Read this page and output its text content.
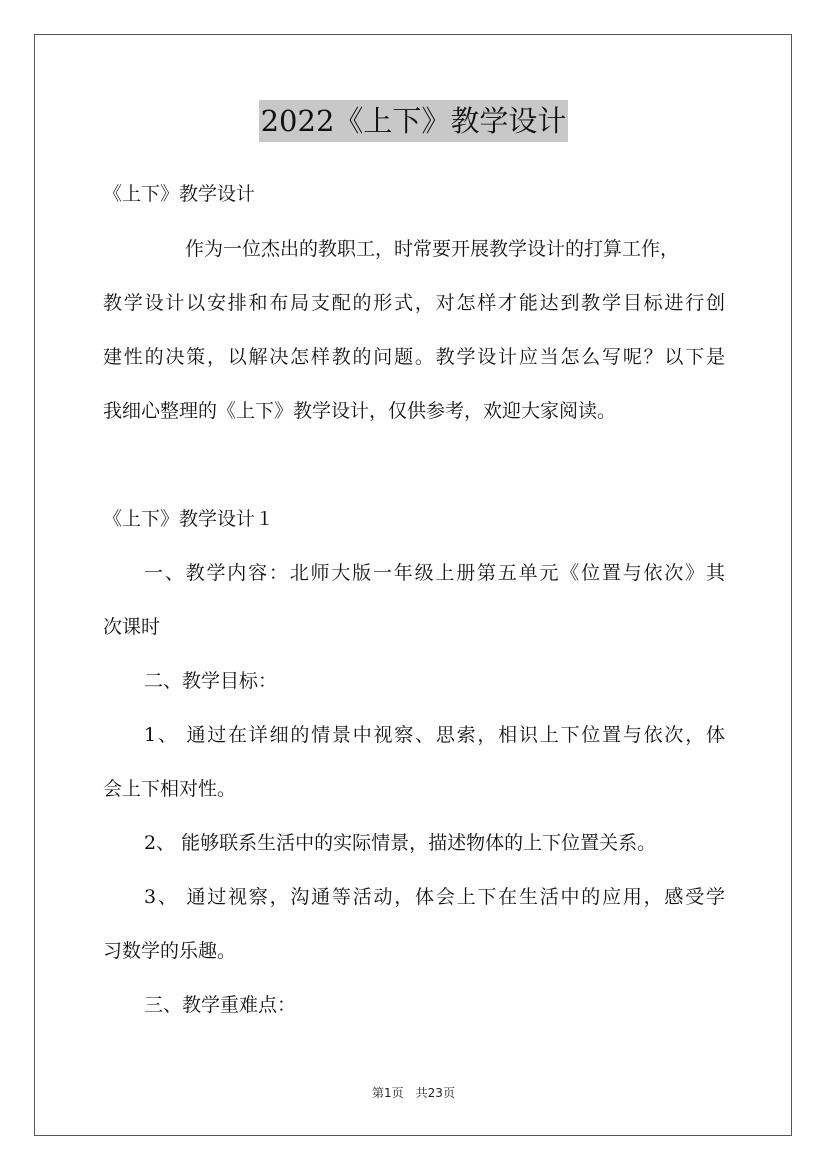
2022《上下》教学设计

《上下》教学设计

作为一位杰出的教职工，时常要开展教学设计的打算工作，

教学设计以安排和布局支配的形式，对怎样才能达到教学目标进行创

建性的决策，以解决怎样教的问题。教学设计应当怎么写呢？以下是

我细心整理的《上下》教学设计，仅供参考，欢迎大家阅读。

《上下》教学设计１

一、教学内容：北师大版一年级上册第五单元《位置与依次》其

次课时

二、教学目标：

1、 通过在详细的情景中视察、思索，相识上下位置与依次，体

会上下相对性。

2、 能够联系生活中的实际情景，描述物体的上下位置关系。

3、 通过视察，沟通等活动，体会上下在生活中的应用，感受学

习数学的乐趣。

三、教学重难点：

第1页 共23页
